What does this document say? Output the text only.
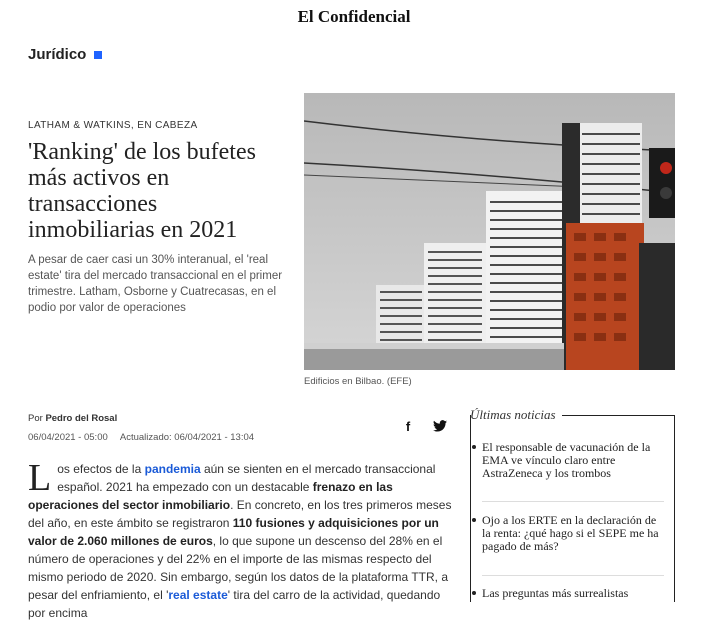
El Confidencial
Jurídico
LATHAM & WATKINS, EN CABEZA
'Ranking' de los bufetes más activos en transacciones inmobiliarias en 2021
A pesar de caer casi un 30% interanual, el 'real estate' tira del mercado transaccional en el primer trimestre. Latham, Osborne y Cuatrecasas, en el podio por valor de operaciones
Edificios en Bilbao. (EFE)
Por Pedro del Rosal
06/04/2021 - 05:00 Actualizado: 06/04/2021 - 13:04
f
Los efectos de la pandemia aún se sienten en el mercado transaccional español. 2021 ha empezado con un destacable frenazo en las operaciones del sector inmobiliario. En concreto, en los tres primeros meses del año, en este ámbito se registraron 110 fusiones y adquisiciones por un valor de 2.060 millones de euros, lo que supone un descenso del 28% en el número de operaciones y del 22% en el importe de las mismas respecto del mismo periodo de 2020. Sin embargo, según los datos de la plataforma TTR, a pesar del enfriamiento, el 'real estate' tira del carro de la actividad, quedando por encima
Últimas noticias
El responsable de vacunación de la EMA ve vínculo claro entre AstraZeneca y los trombos
Ojo a los ERTE en la declaración de la renta: ¿qué hago si el SEPE me ha pagado de más?
Las preguntas más surrealistas
